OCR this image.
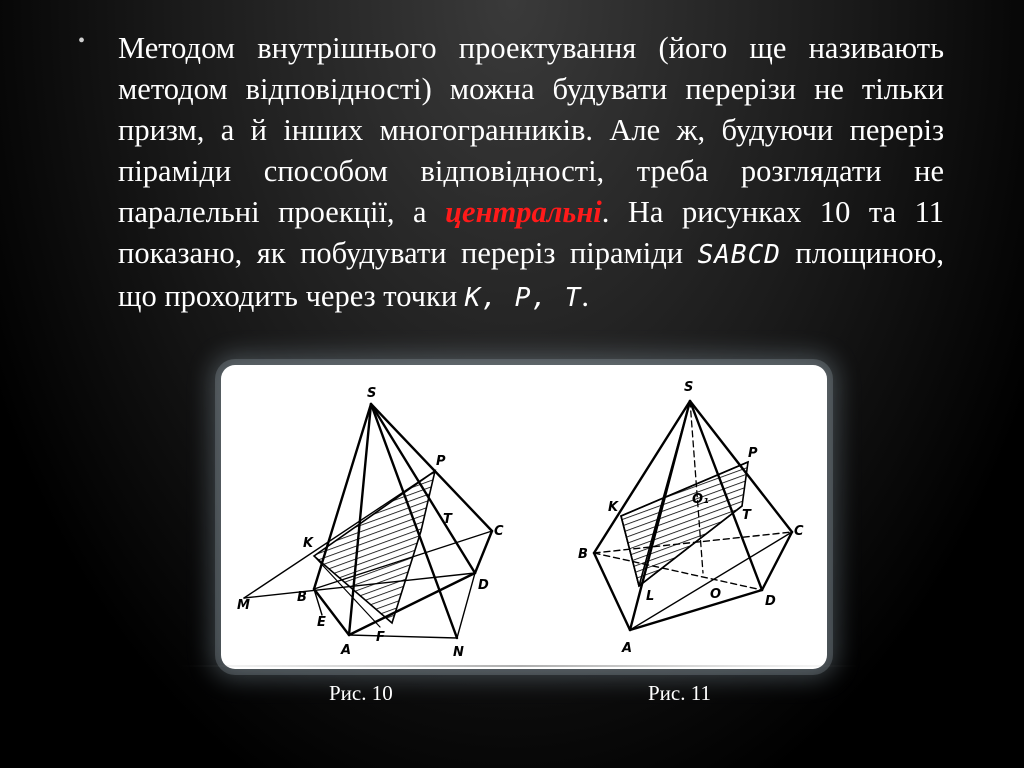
• Методом внутрішнього проектування (його ще називають методом відповідності) можна будувати перерізи не тільки призм, а й інших многогранників. Але ж, будуючи переріз піраміди способом відповідності, треба розглядати не паралельні проекції, а центральні. На рисунках 10 та 11 показано, як побудувати переріз піраміди SABCD площиною, що проходить через точки K, P, T.

S
P
K
T
C
D
M
B
E
F
A	N
S
P
K
T
C
B
O₁
L	O	D
A
Рис. 10	Рис. 11
